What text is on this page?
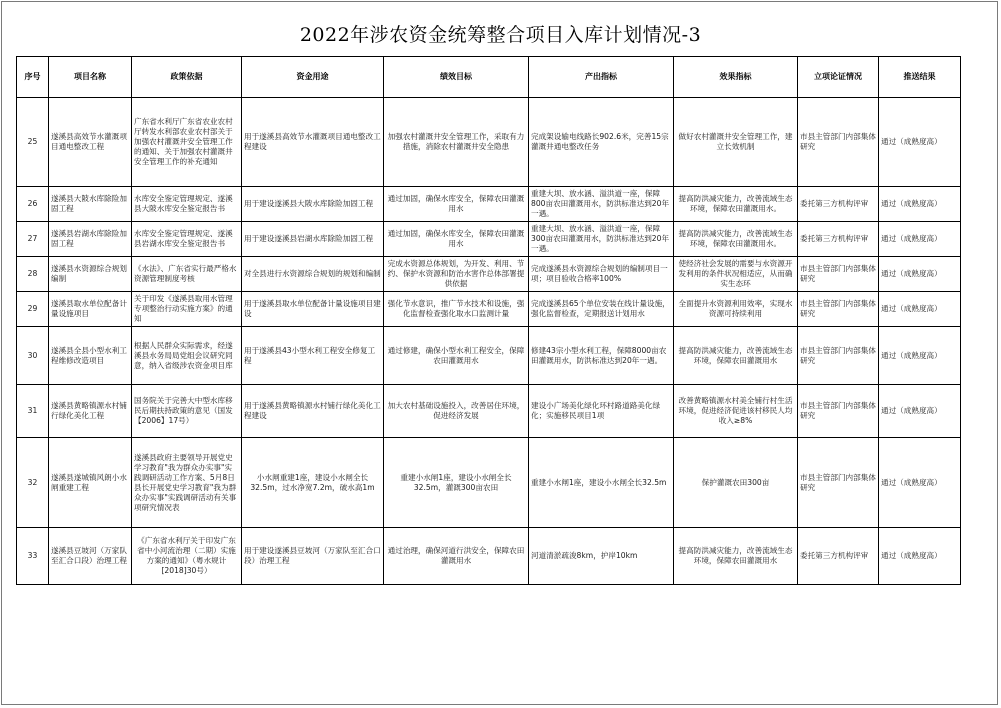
2022年涉农资金统筹整合项目入库计划情况-3
序号	项目名称	政策依据	资金用途	绩效目标	产出指标	效果指标	立项论证情况	推送结果
25	遂溪县高效节水灌溉项目通电整改工程	广东省水利厅广东省农业农村厅转发水利部农业农村部关于加强农村灌溉井安全管理工作的通知、关于加强农村灌溉井安全管理工作的补充通知	用于遂溪县高效节水灌溉项目通电整改工程建设	加强农村灌溉井安全管理工作，采取有力措施，消除农村灌溉井安全隐患	完成架设输电线路长902.6米，完善15宗灌溉井通电整改任务	做好农村灌溉井安全管理工作，建立长效机制	市县主管部门内部集体研究	通过（成熟度高）

26	遂溪县大陂水库除险加固工程	水库安全鉴定管理规定、遂溪县大陂水库安全鉴定报告书	用于建设遂溪县大陂水库除险加固工程	通过加固，确保水库安全，保障农田灌溉用水	重建大坝、放水涵、溢洪道一座，保障800亩农田灌溉用水，防洪标准达到20年一遇。	提高防洪减灾能力，改善流域生态环境，保障农田灌溉用水。	委托第三方机构评审	通过（成熟度高）

27	遂溪县岩湖水库除险加固工程	水库安全鉴定管理规定、遂溪县岩湖水库安全鉴定报告书	用于建设遂溪县岩湖水库除险加固工程	通过加固，确保水库安全，保障农田灌溉用水	重建大坝、放水涵、溢洪道一座，保障300亩农田灌溉用水，防洪标准达到20年一遇。	提高防洪减灾能力，改善流域生态环境，保障农田灌溉用水。	委托第三方机构评审	通过（成熟度高）

28	遂溪县水资源综合规划编制	《水法》、广东省实行最严格水资源管理制度考核	对全县进行水资源综合规划的规划和编制	完成水资源总体规划，为开发、利用、节约、保护水资源和防治水害作总体部署提供依据	完成遂溪县水资源综合规划的编制项目一项；项目验收合格率100%	使经济社会发展的需要与水资源开发利用的条件状况相适应，从而确实生态环	市县主管部门内部集体研究	通过（成熟度高）

29	遂溪县取水单位配备计量设施项目	关于印发《遂溪县取用水管理专项整治行动实施方案》的通知	用于遂溪县取水单位配备计量设施项目建设	强化节水意识，推广节水技术和设施，强化监督检查强化取水口监测计量	完成遂溪县65个单位安装在线计量设施，强化监督检查，定期报送计划用水	全面提升水资源利用效率，实现水资源可持续利用	市县主管部门内部集体研究	通过（成熟度高）

30	遂溪县全县小型水利工程维修改造项目	根据人民群众实际需求，经遂溪县水务局局党组会议研究同意，纳入省级涉农资金项目库	用于遂溪县43小型水利工程安全修复工程	通过修建，确保小型水利工程安全，保障农田灌溉用水	修建43宗小型水利工程，保障8000亩农田灌溉用水，防洪标准达到20年一遇。	提高防洪减灾能力，改善流域生态环境，保障农田灌溉用水	市县主管部门内部集体研究	通过（成熟度高）

31	遂溪县黄略镇源水村铺行绿化美化工程	国务院关于完善大中型水库移民后期扶持政策的意见（国发【2006】17号）	用于遂溪县黄略镇源水村铺行绿化美化工程建设	加大农村基础设施投入，改善居住环境，促进经济发展	建设小广场美化绿化环村路道路美化绿化；实施移民项目1项	改善黄略镇源水村美全铺行村生活环境，促进经济促进该村移民人均收入≥8%	市县主管部门内部集体研究	通过（成熟度高）

32	遂溪县遂城镇风朗小水闸重建工程	遂溪县政府主要领导开展党史学习教育"我为群众办实事"实践调研活动工作方案、5月8日县长开展党史学习教育"我为群众办实事"实践调研活动有关事项研究情况表	小水闸重建1座，建设小水闸全长32.5m，过水净宽7.2m，破水高1m	重建小水闸1座，建设小水闸全长32.5m，灌溉300亩农田	重建小水闸1座，建设小水闸全长32.5m	保护灌溉农田300亩	市县主管部门内部集体研究	通过（成熟度高）

33	遂溪县豆坡河（万家队至汇合口段）治理工程	《广东省水利厅关于印发广东省中小河流治理（二期）实施方案的通知》（粤水规计[2018]30号）	用于建设遂溪县豆坡河（万家队至汇合口段）治理工程	通过治理，确保河道行洪安全，保障农田灌溉用水	河道清淤疏浚8km，护岸10km	提高防洪减灾能力，改善流域生态环境，保障农田灌溉用水	委托第三方机构评审	通过（成熟度高）
